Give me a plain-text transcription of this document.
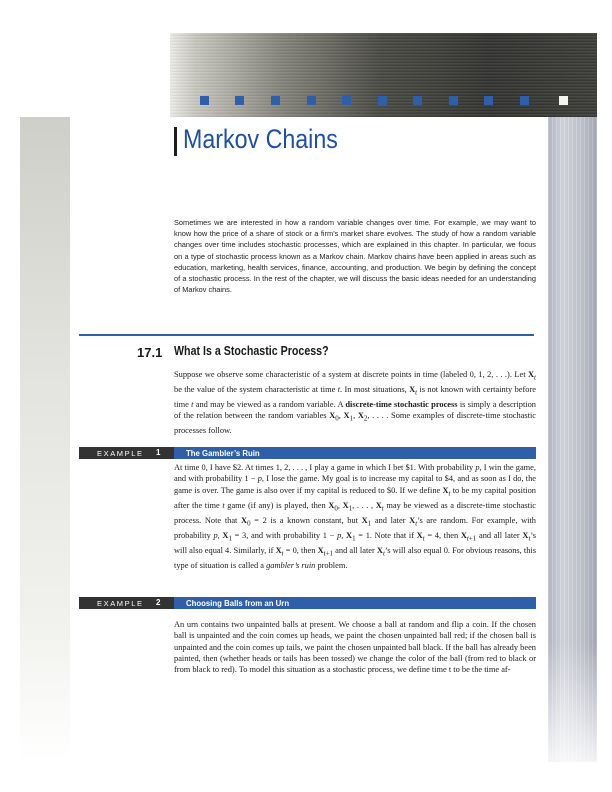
Markov Chains
Sometimes we are interested in how a random variable changes over time. For example, we may want to know how the price of a share of stock or a firm’s market share evolves. The study of how a random variable changes over time includes stochastic processes, which are explained in this chapter. In particular, we focus on a type of stochastic process known as a Markov chain. Markov chains have been applied in areas such as education, marketing, health services, finance, accounting, and production. We begin by defining the concept of a stochastic process. In the rest of the chapter, we will discuss the basic ideas needed for an understanding of Markov chains.
17.1 What Is a Stochastic Process?
Suppose we observe some characteristic of a system at discrete points in time (labeled 0, 1, 2, . . .). Let $X_t$ be the value of the system characteristic at time t. In most situations, $X_t$ is not known with certainty before time t and may be viewed as a random variable. A discrete-time stochastic process is simply a description of the relation between the random variables $X_0$, $X_1$, $X_2$, . . . . Some examples of discrete-time stochastic processes follow.
EXAMPLE 1	The Gambler’s Ruin
At time 0, I have $2. At times 1, 2, . . . , I play a game in which I bet $1. With probability p, I win the game, and with probability 1 − p, I lose the game. My goal is to increase my capital to $4, and as soon as I do, the game is over. The game is also over if my capital is reduced to $0. If we define $X_t$ to be my capital position after the time t game (if any) is played, then $X_0$, $X_1$, . . . , $X_t$ may be viewed as a discrete-time stochastic process. Note that $X_0 = 2$ is a known constant, but $X_1$ and later $X_t’s$ are random. For example, with probability p, $X_1 = 3$, and with probability 1 − p, $X_1 = 1$. Note that if $X_t = 4$, then $X_{t+1}$ and all later $X_t’s$ will also equal 4. Similarly, if $X_t = 0$, then $X_{t+1}$ and all later $X_t’s$ will also equal 0. For obvious reasons, this type of situation is called a gambler’s ruin problem.
EXAMPLE 2	Choosing Balls from an Urn
An urn contains two unpainted balls at present. We choose a ball at random and flip a coin. If the chosen ball is unpainted and the coin comes up heads, we paint the chosen unpainted ball red; if the chosen ball is unpainted and the coin comes up tails, we paint the chosen unpainted ball black. If the ball has already been painted, then (whether heads or tails has been tossed) we change the color of the ball (from red to black or from black to red). To model this situation as a stochastic process, we define time t to be the time af-
